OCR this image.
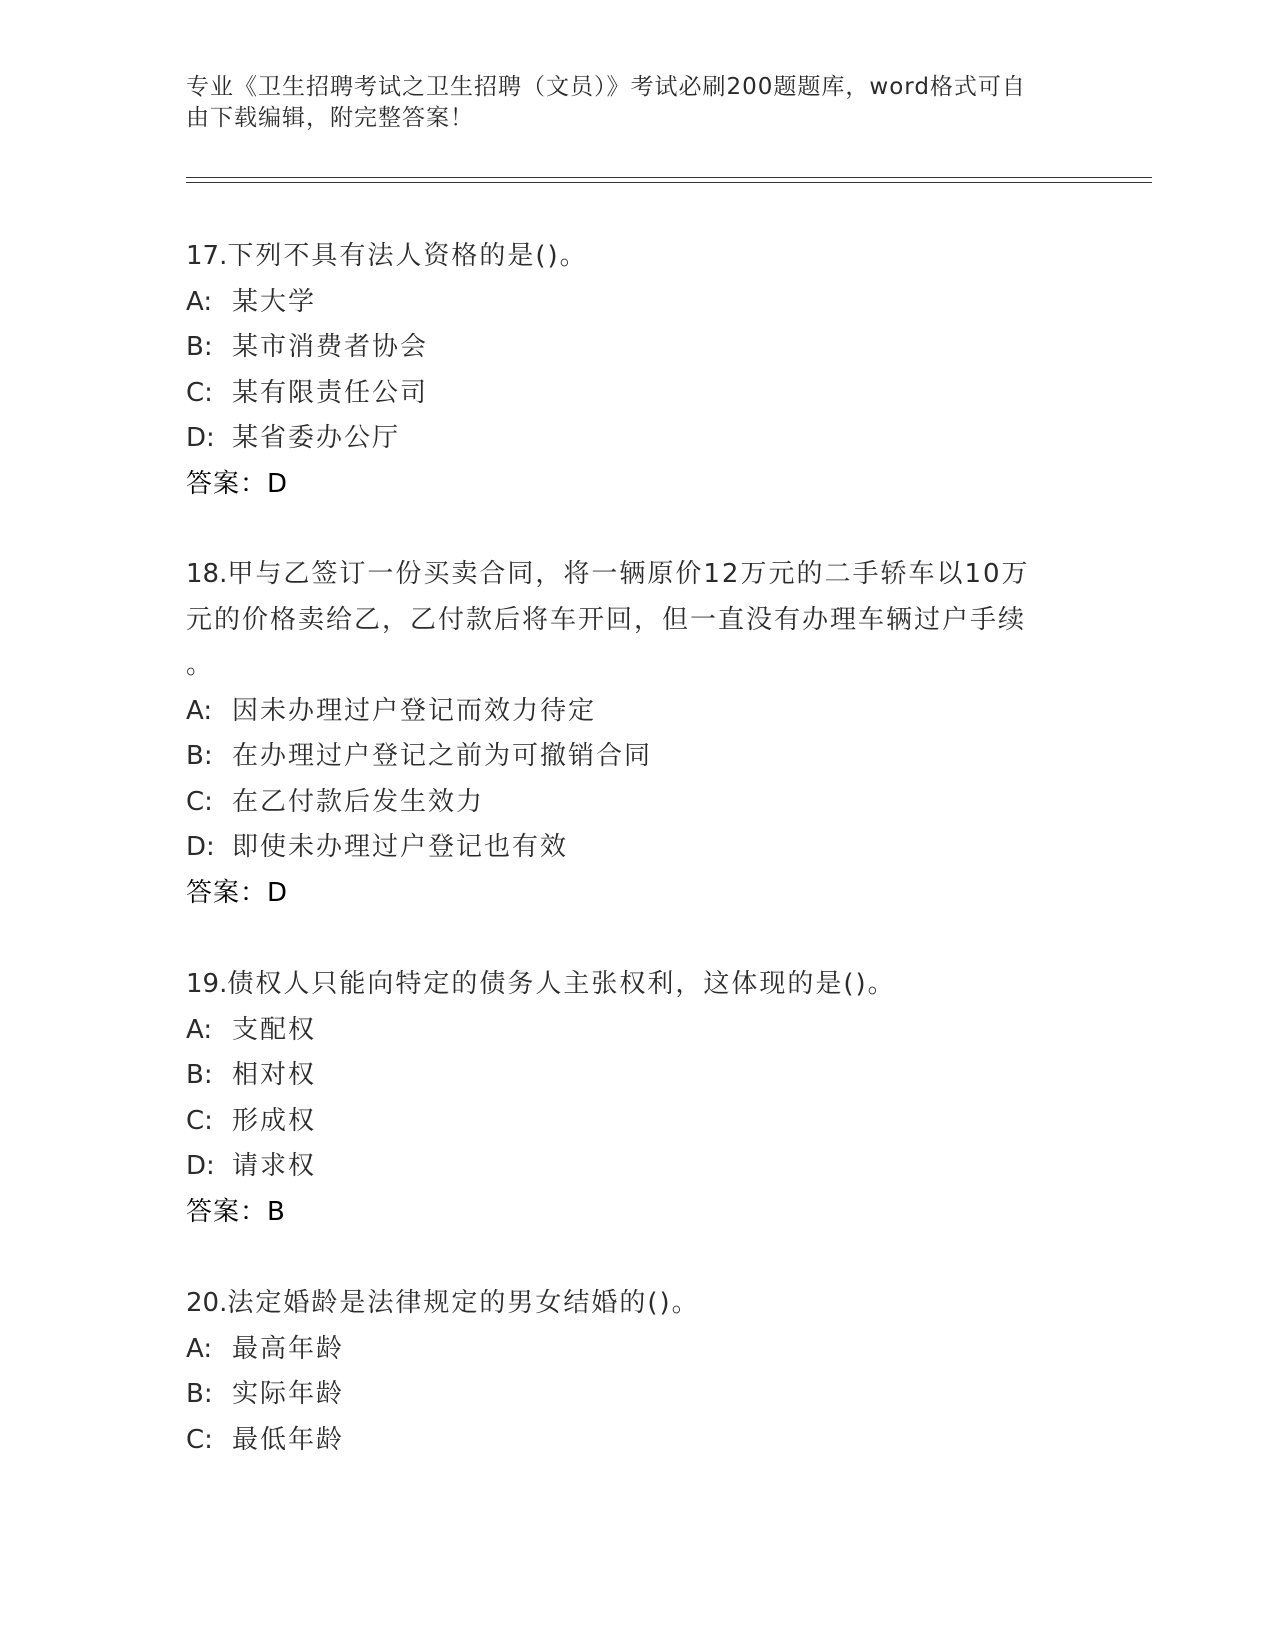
专业《卫生招聘考试之卫生招聘（文员）》考试必刷200题题库，word格式可自
由下载编辑，附完整答案！

17.下列不具有法人资格的是()。

A: 某大学

B: 某市消费者协会

C: 某有限责任公司

D: 某省委办公厅

答案：D

18.甲与乙签订一份买卖合同，将一辆原价12万元的二手轿车以10万

元的价格卖给乙，乙付款后将车开回，但一直没有办理车辆过户手续

。

A: 因未办理过户登记而效力待定

B: 在办理过户登记之前为可撤销合同

C: 在乙付款后发生效力

D: 即使未办理过户登记也有效

答案：D

19.债权人只能向特定的债务人主张权利，这体现的是()。

A: 支配权

B: 相对权

C: 形成权

D: 请求权

答案：B

20.法定婚龄是法律规定的男女结婚的()。

A: 最高年龄

B: 实际年龄

C: 最低年龄
